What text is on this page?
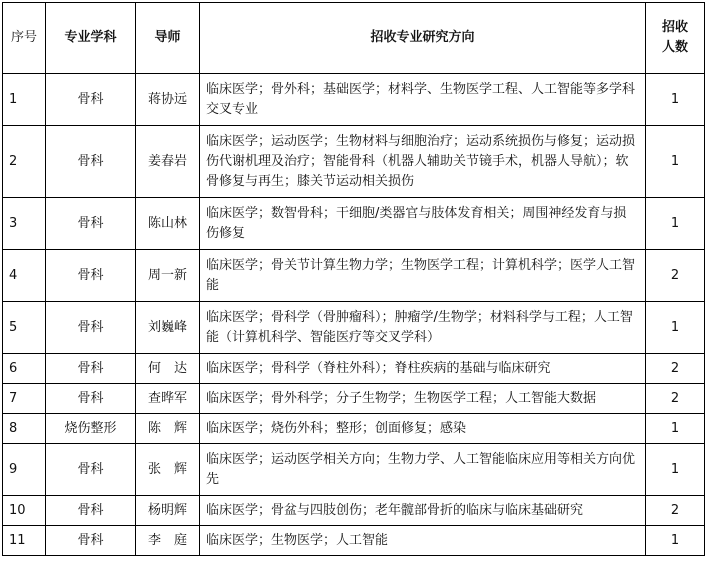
序号	专业学科	导师	招收专业研究方向	招收人数
1	骨科	蒋协远	临床医学；骨外科；基础医学；材料学、生物医学工程、人工智能等多学科交叉专业	1
2	骨科	姜春岩	临床医学；运动医学；生物材料与细胞治疗；运动系统损伤与修复；运动损伤代谢机理及治疗；智能骨科（机器人辅助关节镜手术，机器人导航）；软骨修复与再生；膝关节运动相关损伤	1
3	骨科	陈山林	临床医学；数智骨科；干细胞/类器官与肢体发育相关；周围神经发育与损伤修复	1
4	骨科	周一新	临床医学；骨关节计算生物力学；生物医学工程；计算机科学；医学人工智能	2
5	骨科	刘巍峰	临床医学；骨科学（骨肿瘤科）；肿瘤学/生物学；材料科学与工程；人工智能（计算机科学、智能医疗等交叉学科）	1
6	骨科	何　达	临床医学；骨科学（脊柱外科）；脊柱疾病的基础与临床研究	2
7	骨科	查晔军	临床医学；骨外科学；分子生物学；生物医学工程；人工智能大数据	2
8	烧伤整形	陈　辉	临床医学；烧伤外科；整形；创面修复；感染	1
9	骨科	张　辉	临床医学；运动医学相关方向；生物力学、人工智能临床应用等相关方向优先	1
10	骨科	杨明辉	临床医学；骨盆与四肢创伤；老年髋部骨折的临床与临床基础研究	2
11	骨科	李　庭	临床医学；生物医学；人工智能	1
